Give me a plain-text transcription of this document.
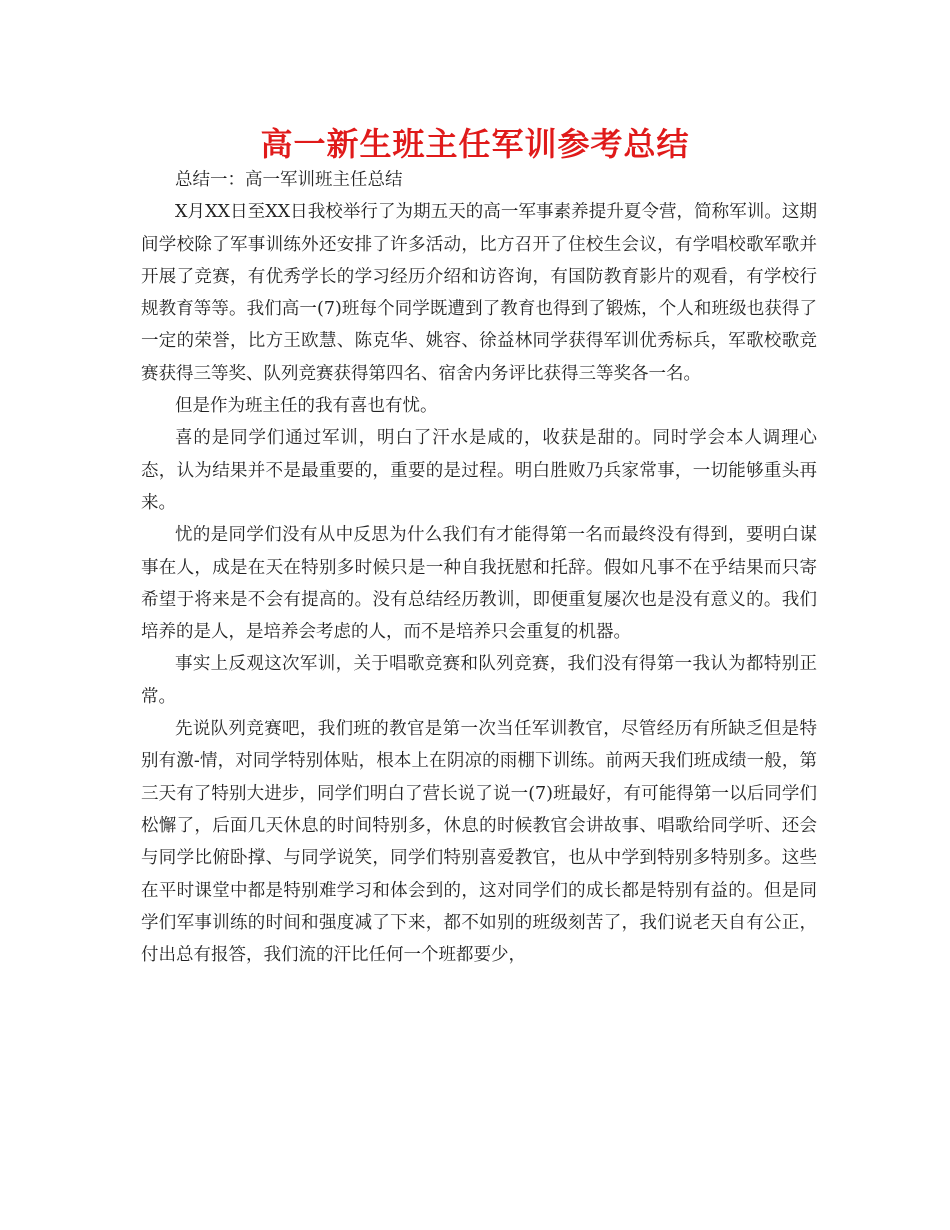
高一新生班主任军训参考总结

总结一：高一军训班主任总结

X月XX日至XX日我校举行了为期五天的高一军事素养提升夏令营，简称军训。这期间学校除了军事训练外还安排了许多活动，比方召开了住校生会议，有学唱校歌军歌并开展了竞赛，有优秀学长的学习经历介绍和访咨询，有国防教育影片的观看，有学校行规教育等等。我们高一(7)班每个同学既遭到了教育也得到了锻炼，个人和班级也获得了一定的荣誉，比方王欧慧、陈克华、姚容、徐益林同学获得军训优秀标兵，军歌校歌竞赛获得三等奖、队列竞赛获得第四名、宿舍内务评比获得三等奖各一名。

但是作为班主任的我有喜也有忧。

喜的是同学们通过军训，明白了汗水是咸的，收获是甜的。同时学会本人调理心态，认为结果并不是最重要的，重要的是过程。明白胜败乃兵家常事，一切能够重头再来。

忧的是同学们没有从中反思为什么我们有才能得第一名而最终没有得到，要明白谋事在人，成是在天在特别多时候只是一种自我抚慰和托辞。假如凡事不在乎结果而只寄希望于将来是不会有提高的。没有总结经历教训，即便重复屡次也是没有意义的。我们培养的是人，是培养会考虑的人，而不是培养只会重复的机器。

事实上反观这次军训，关于唱歌竞赛和队列竞赛，我们没有得第一我认为都特别正常。

先说队列竞赛吧，我们班的教官是第一次当任军训教官，尽管经历有所缺乏但是特别有激-情，对同学特别体贴，根本上在阴凉的雨棚下训练。前两天我们班成绩一般，第三天有了特别大进步，同学们明白了营长说了说一(7)班最好，有可能得第一以后同学们松懈了，后面几天休息的时间特别多，休息的时候教官会讲故事、唱歌给同学听、还会与同学比俯卧撑、与同学说笑，同学们特别喜爱教官，也从中学到特别多特别多。这些在平时课堂中都是特别难学习和体会到的，这对同学们的成长都是特别有益的。但是同学们军事训练的时间和强度减了下来，都不如别的班级刻苦了，我们说老天自有公正，付出总有报答，我们流的汗比任何一个班都要少，
